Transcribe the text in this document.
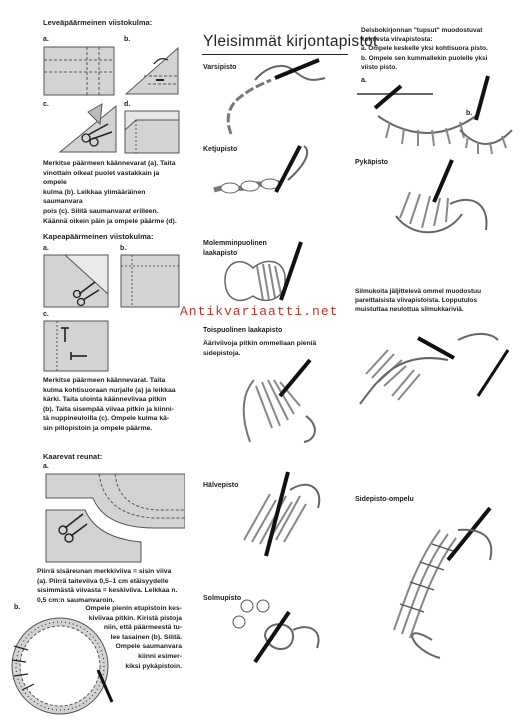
Leveäpäärmeinen viistokulma:
a.	b.
c.	d.
Merkitse päärmeen käännevarat (a). Taita
vinottain oikeat puolet vastakkain ja ompele
kulma (b). Leikkaa ylimääräinen saumanvara
pois (c). Silitä saumanvarat erilleen.
Käännä oikein päin ja ompele päärme (d).
Kapeapäärmeinen viistokulma:
a.	b.
c.
Merkitse päärmeen käännevarat. Taita
kulma kohtisuoraan nurjalle (a) ja leikkaa
kärki. Taita ulointa käänneviivaa pitkin
(b). Taita sisempää viivaa pitkin ja kiinni-
tä nuppineuloilla (c). Ompele kulma kä-
sin pillopistoin ja ompele päärme.
Kaarevat reunat:
a.
Piirrä sisäreunan merkkiviiva = sisin viiva
(a). Piirrä taiteviiva 0,5–1 cm etäisyydelle
sisimmästä viivasta = keskiviiva. Leikkaa n.
0,5 cm:n saumanvaroin.
b.	Ompele pienin etupistoin kes-
kiviivaa pitkin. Kiristä pistoja
niin, että päärmeestä tu-
lee tasainen (b). Silitä.
Ompele saumanvara
kiinni esimer-
kiksi pykäpistoin.
Yleisimmät kirjontapistot
Varsipisto
Ketjupisto
Molemminpuolinen
laakapisto
Toispuolinen laakapisto
Ääriviivoja pitkin ommellaan pieniä sidepistoja.
Hälvepisto
Solmupisto
Delsbokirjonnan "tupsut" muodostuvat
kolmesta viivapistosta:
a. Ompele keskelle yksi kohtisuora pisto.
b. Ompele sen kummallekin puolelle yksi
viisto pisto.
a.
b.
Pykäpisto
Silmukoita jäljittelevä ommel muodostuu
pareittaisista viivapistoista. Lopputulos
muistuttaa neulottua silmukkariviä.
Sidepisto-ompelu
Antikvariaatti.net
